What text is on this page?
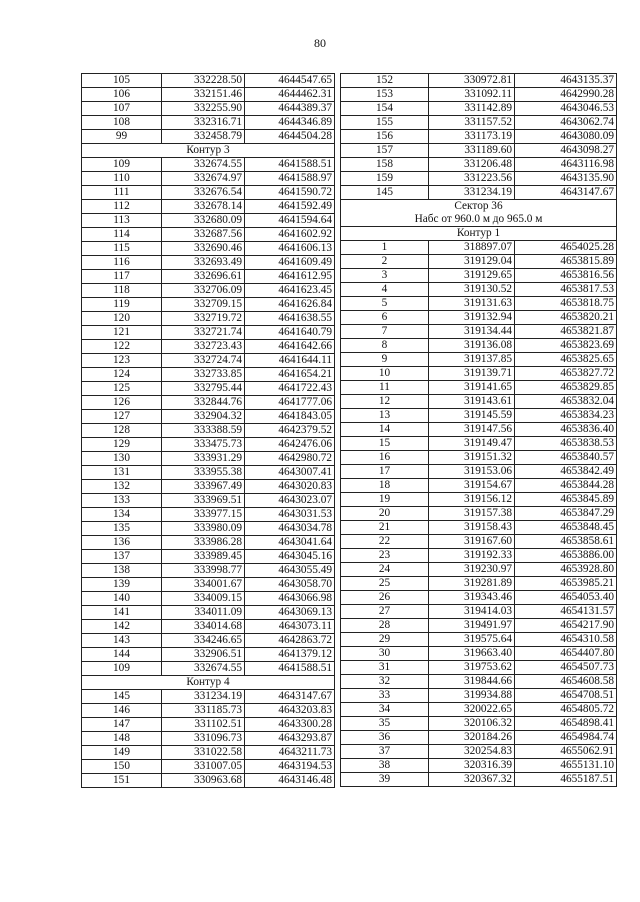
80
105	332228.50	4644547.65
106	332151.46	4644462.31
107	332255.90	4644389.37
108	332316.71	4644346.89
99	332458.79	4644504.28
Контур 3		
109	332674.55	4641588.51
110	332674.97	4641588.97
111	332676.54	4641590.72
112	332678.14	4641592.49
113	332680.09	4641594.64
114	332687.56	4641602.92
115	332690.46	4641606.13
116	332693.49	4641609.49
117	332696.61	4641612.95
118	332706.09	4641623.45
119	332709.15	4641626.84
120	332719.72	4641638.55
121	332721.74	4641640.79
122	332723.43	4641642.66
123	332724.74	4641644.11
124	332733.85	4641654.21
125	332795.44	4641722.43
126	332844.76	4641777.06
127	332904.32	4641843.05
128	333388.59	4642379.52
129	333475.73	4642476.06
130	333931.29	4642980.72
131	333955.38	4643007.41
132	333967.49	4643020.83
133	333969.51	4643023.07
134	333977.15	4643031.53
135	333980.09	4643034.78
136	333986.28	4643041.64
137	333989.45	4643045.16
138	333998.77	4643055.49
139	334001.67	4643058.70
140	334009.15	4643066.98
141	334011.09	4643069.13
142	334014.68	4643073.11
143	334246.65	4642863.72
144	332906.51	4641379.12
109	332674.55	4641588.51
Контур 4		
145	331234.19	4643147.67
146	331185.73	4643203.83
147	331102.51	4643300.28
148	331096.73	4643293.87
149	331022.58	4643211.73
150	331007.05	4643194.53
151	330963.68	4643146.48
152	330972.81	4643135.37
153	331092.11	4642990.28
154	331142.89	4643046.53
155	331157.52	4643062.74
156	331173.19	4643080.09
157	331189.60	4643098.27
158	331206.48	4643116.98
159	331223.56	4643135.90
145	331234.19	4643147.67

Сектор 36
Набс от 960.0 м до 965.0 м		

Контур 1		
1	318897.07	4654025.28
2	319129.04	4653815.89
3	319129.65	4653816.56
4	319130.52	4653817.53
5	319131.63	4653818.75
6	319132.94	4653820.21
7	319134.44	4653821.87
8	319136.08	4653823.69
9	319137.85	4653825.65
10	319139.71	4653827.72
11	319141.65	4653829.85
12	319143.61	4653832.04
13	319145.59	4653834.23
14	319147.56	4653836.40
15	319149.47	4653838.53
16	319151.32	4653840.57
17	319153.06	4653842.49
18	319154.67	4653844.28
19	319156.12	4653845.89
20	319157.38	4653847.29
21	319158.43	4653848.45
22	319167.60	4653858.61
23	319192.33	4653886.00
24	319230.97	4653928.80
25	319281.89	4653985.21
26	319343.46	4654053.40
27	319414.03	4654131.57
28	319491.97	4654217.90
29	319575.64	4654310.58
30	319663.40	4654407.80
31	319753.62	4654507.73
32	319844.66	4654608.58
33	319934.88	4654708.51
34	320022.65	4654805.72
35	320106.32	4654898.41
36	320184.26	4654984.74
37	320254.83	4655062.91
38	320316.39	4655131.10
39	320367.32	4655187.51
